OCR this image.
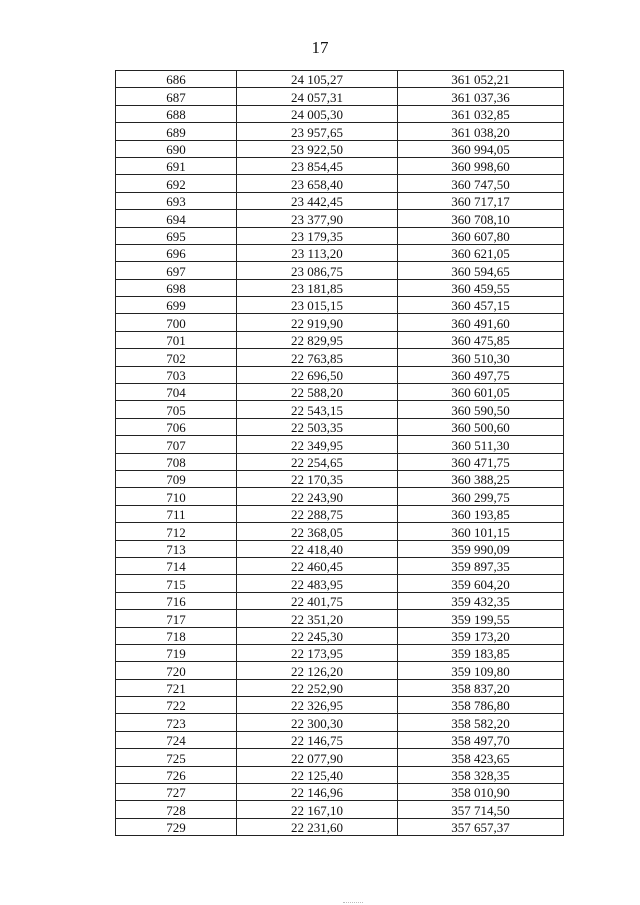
17
686	24 105,27	361 052,21
687	24 057,31	361 037,36
688	24 005,30	361 032,85
689	23 957,65	361 038,20
690	23 922,50	360 994,05
691	23 854,45	360 998,60
692	23 658,40	360 747,50
693	23 442,45	360 717,17
694	23 377,90	360 708,10
695	23 179,35	360 607,80
696	23 113,20	360 621,05
697	23 086,75	360 594,65
698	23 181,85	360 459,55
699	23 015,15	360 457,15
700	22 919,90	360 491,60
701	22 829,95	360 475,85
702	22 763,85	360 510,30
703	22 696,50	360 497,75
704	22 588,20	360 601,05
705	22 543,15	360 590,50
706	22 503,35	360 500,60
707	22 349,95	360 511,30
708	22 254,65	360 471,75
709	22 170,35	360 388,25
710	22 243,90	360 299,75
711	22 288,75	360 193,85
712	22 368,05	360 101,15
713	22 418,40	359 990,09
714	22 460,45	359 897,35
715	22 483,95	359 604,20
716	22 401,75	359 432,35
717	22 351,20	359 199,55
718	22 245,30	359 173,20
719	22 173,95	359 183,85
720	22 126,20	359 109,80
721	22 252,90	358 837,20
722	22 326,95	358 786,80
723	22 300,30	358 582,20
724	22 146,75	358 497,70
725	22 077,90	358 423,65
726	22 125,40	358 328,35
727	22 146,96	358 010,90
728	22 167,10	357 714,50
729	22 231,60	357 657,37
